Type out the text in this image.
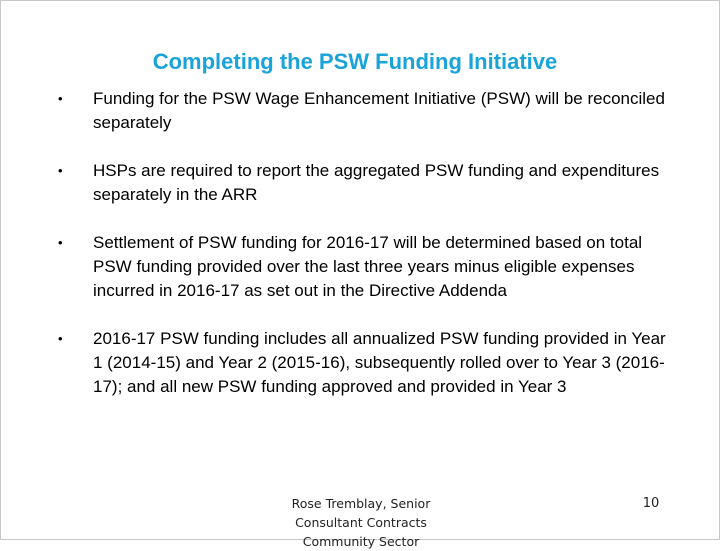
Completing the PSW Funding Initiative
• Funding for the PSW Wage Enhancement Initiative (PSW) will be reconciled separately
• HSPs are required to report the aggregated PSW funding and expenditures separately in the ARR
• Settlement of PSW funding for 2016-17 will be determined based on total PSW funding provided over the last three years minus eligible expenses incurred in 2016-17 as set out in the Directive Addenda
• 2016-17 PSW funding includes all annualized PSW funding provided in Year 1 (2014-15) and Year 2 (2015-16), subsequently rolled over to Year 3 (2016-17); and all new PSW funding approved and provided in Year 3
Rose Tremblay, Senior
Consultant Contracts
Community Sector
10
